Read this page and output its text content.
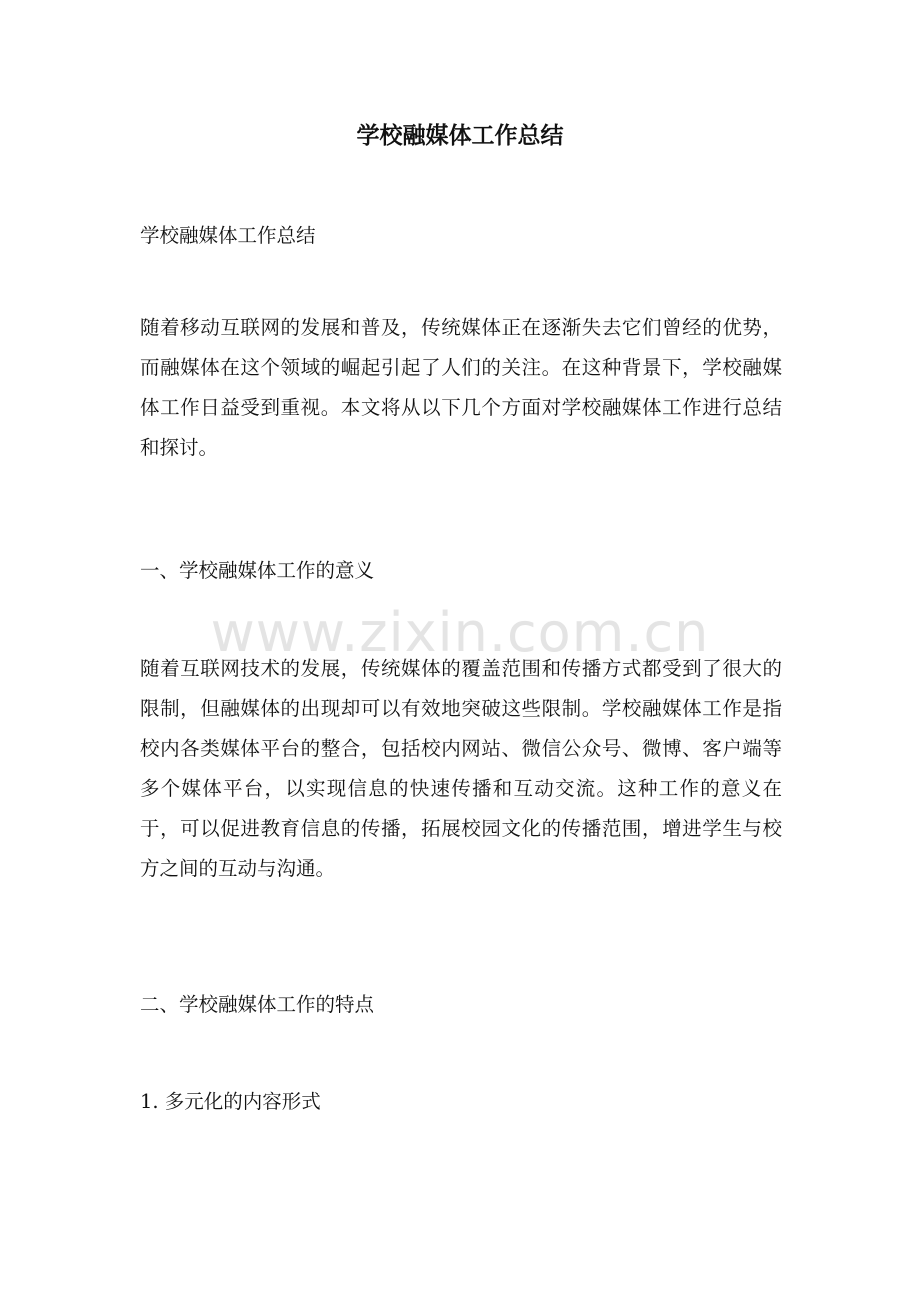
学校融媒体工作总结

学校融媒体工作总结

随着移动互联网的发展和普及，传统媒体正在逐渐失去它们曾经的优势，而融媒体在这个领域的崛起引起了人们的关注。在这种背景下，学校融媒体工作日益受到重视。本文将从以下几个方面对学校融媒体工作进行总结和探讨。

一、学校融媒体工作的意义

www.zixin.com.cn

随着互联网技术的发展，传统媒体的覆盖范围和传播方式都受到了很大的限制，但融媒体的出现却可以有效地突破这些限制。学校融媒体工作是指校内各类媒体平台的整合，包括校内网站、微信公众号、微博、客户端等多个媒体平台，以实现信息的快速传播和互动交流。这种工作的意义在于，可以促进教育信息的传播，拓展校园文化的传播范围，增进学生与校方之间的互动与沟通。

二、学校融媒体工作的特点

1. 多元化的内容形式
